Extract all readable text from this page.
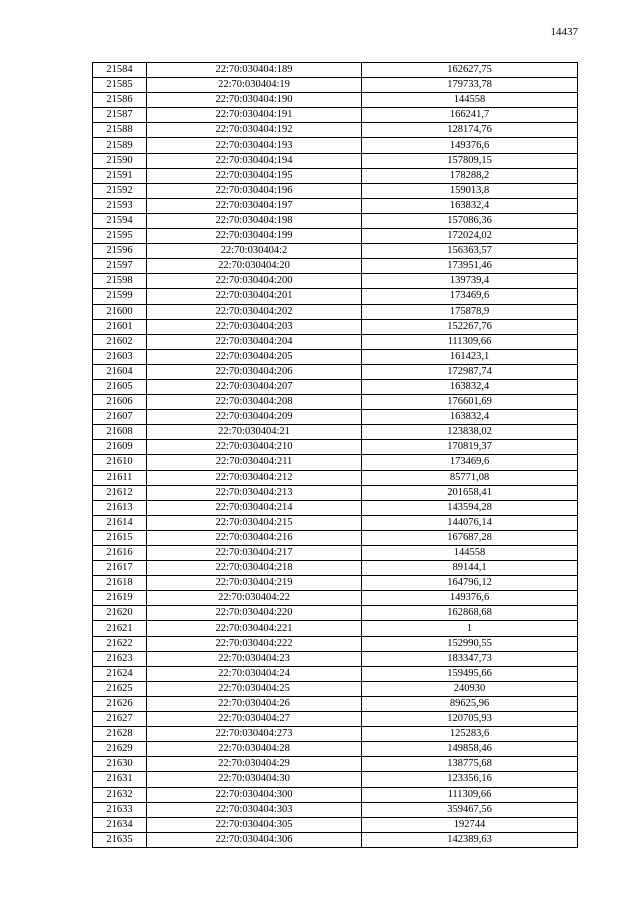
14437
21584	22:70:030404:189	162627,75
21585	22:70:030404:19	179733,78
21586	22:70:030404:190	144558
21587	22:70:030404:191	166241,7
21588	22:70:030404:192	128174,76
21589	22:70:030404:193	149376,6
21590	22:70:030404:194	157809,15
21591	22:70:030404:195	178288,2
21592	22:70:030404:196	159013,8
21593	22:70:030404:197	163832,4
21594	22:70:030404:198	157086,36
21595	22:70:030404:199	172024,02
21596	22:70:030404:2	156363,57
21597	22:70:030404:20	173951,46
21598	22:70:030404:200	139739,4
21599	22:70:030404:201	173469,6
21600	22:70:030404:202	175878,9
21601	22:70:030404:203	152267,76
21602	22:70:030404:204	111309,66
21603	22:70:030404:205	161423,1
21604	22:70:030404:206	172987,74
21605	22:70:030404:207	163832,4
21606	22:70:030404:208	176601,69
21607	22:70:030404:209	163832,4
21608	22:70:030404:21	123838,02
21609	22:70:030404:210	170819,37
21610	22:70:030404:211	173469,6
21611	22:70:030404:212	85771,08
21612	22:70:030404:213	201658,41
21613	22:70:030404:214	143594,28
21614	22:70:030404:215	144076,14
21615	22:70:030404:216	167687,28
21616	22:70:030404:217	144558
21617	22:70:030404:218	89144,1
21618	22:70:030404:219	164796,12
21619	22:70:030404:22	149376,6
21620	22:70:030404:220	162868,68
21621	22:70:030404:221	1
21622	22:70:030404:222	152990,55
21623	22:70:030404:23	183347,73
21624	22:70:030404:24	159495,66
21625	22:70:030404:25	240930
21626	22:70:030404:26	89625,96
21627	22:70:030404:27	120705,93
21628	22:70:030404:273	125283,6
21629	22:70:030404:28	149858,46
21630	22:70:030404:29	138775,68
21631	22:70:030404:30	123356,16
21632	22:70:030404:300	111309,66
21633	22:70:030404:303	359467,56
21634	22:70:030404:305	192744
21635	22:70:030404:306	142389,63
